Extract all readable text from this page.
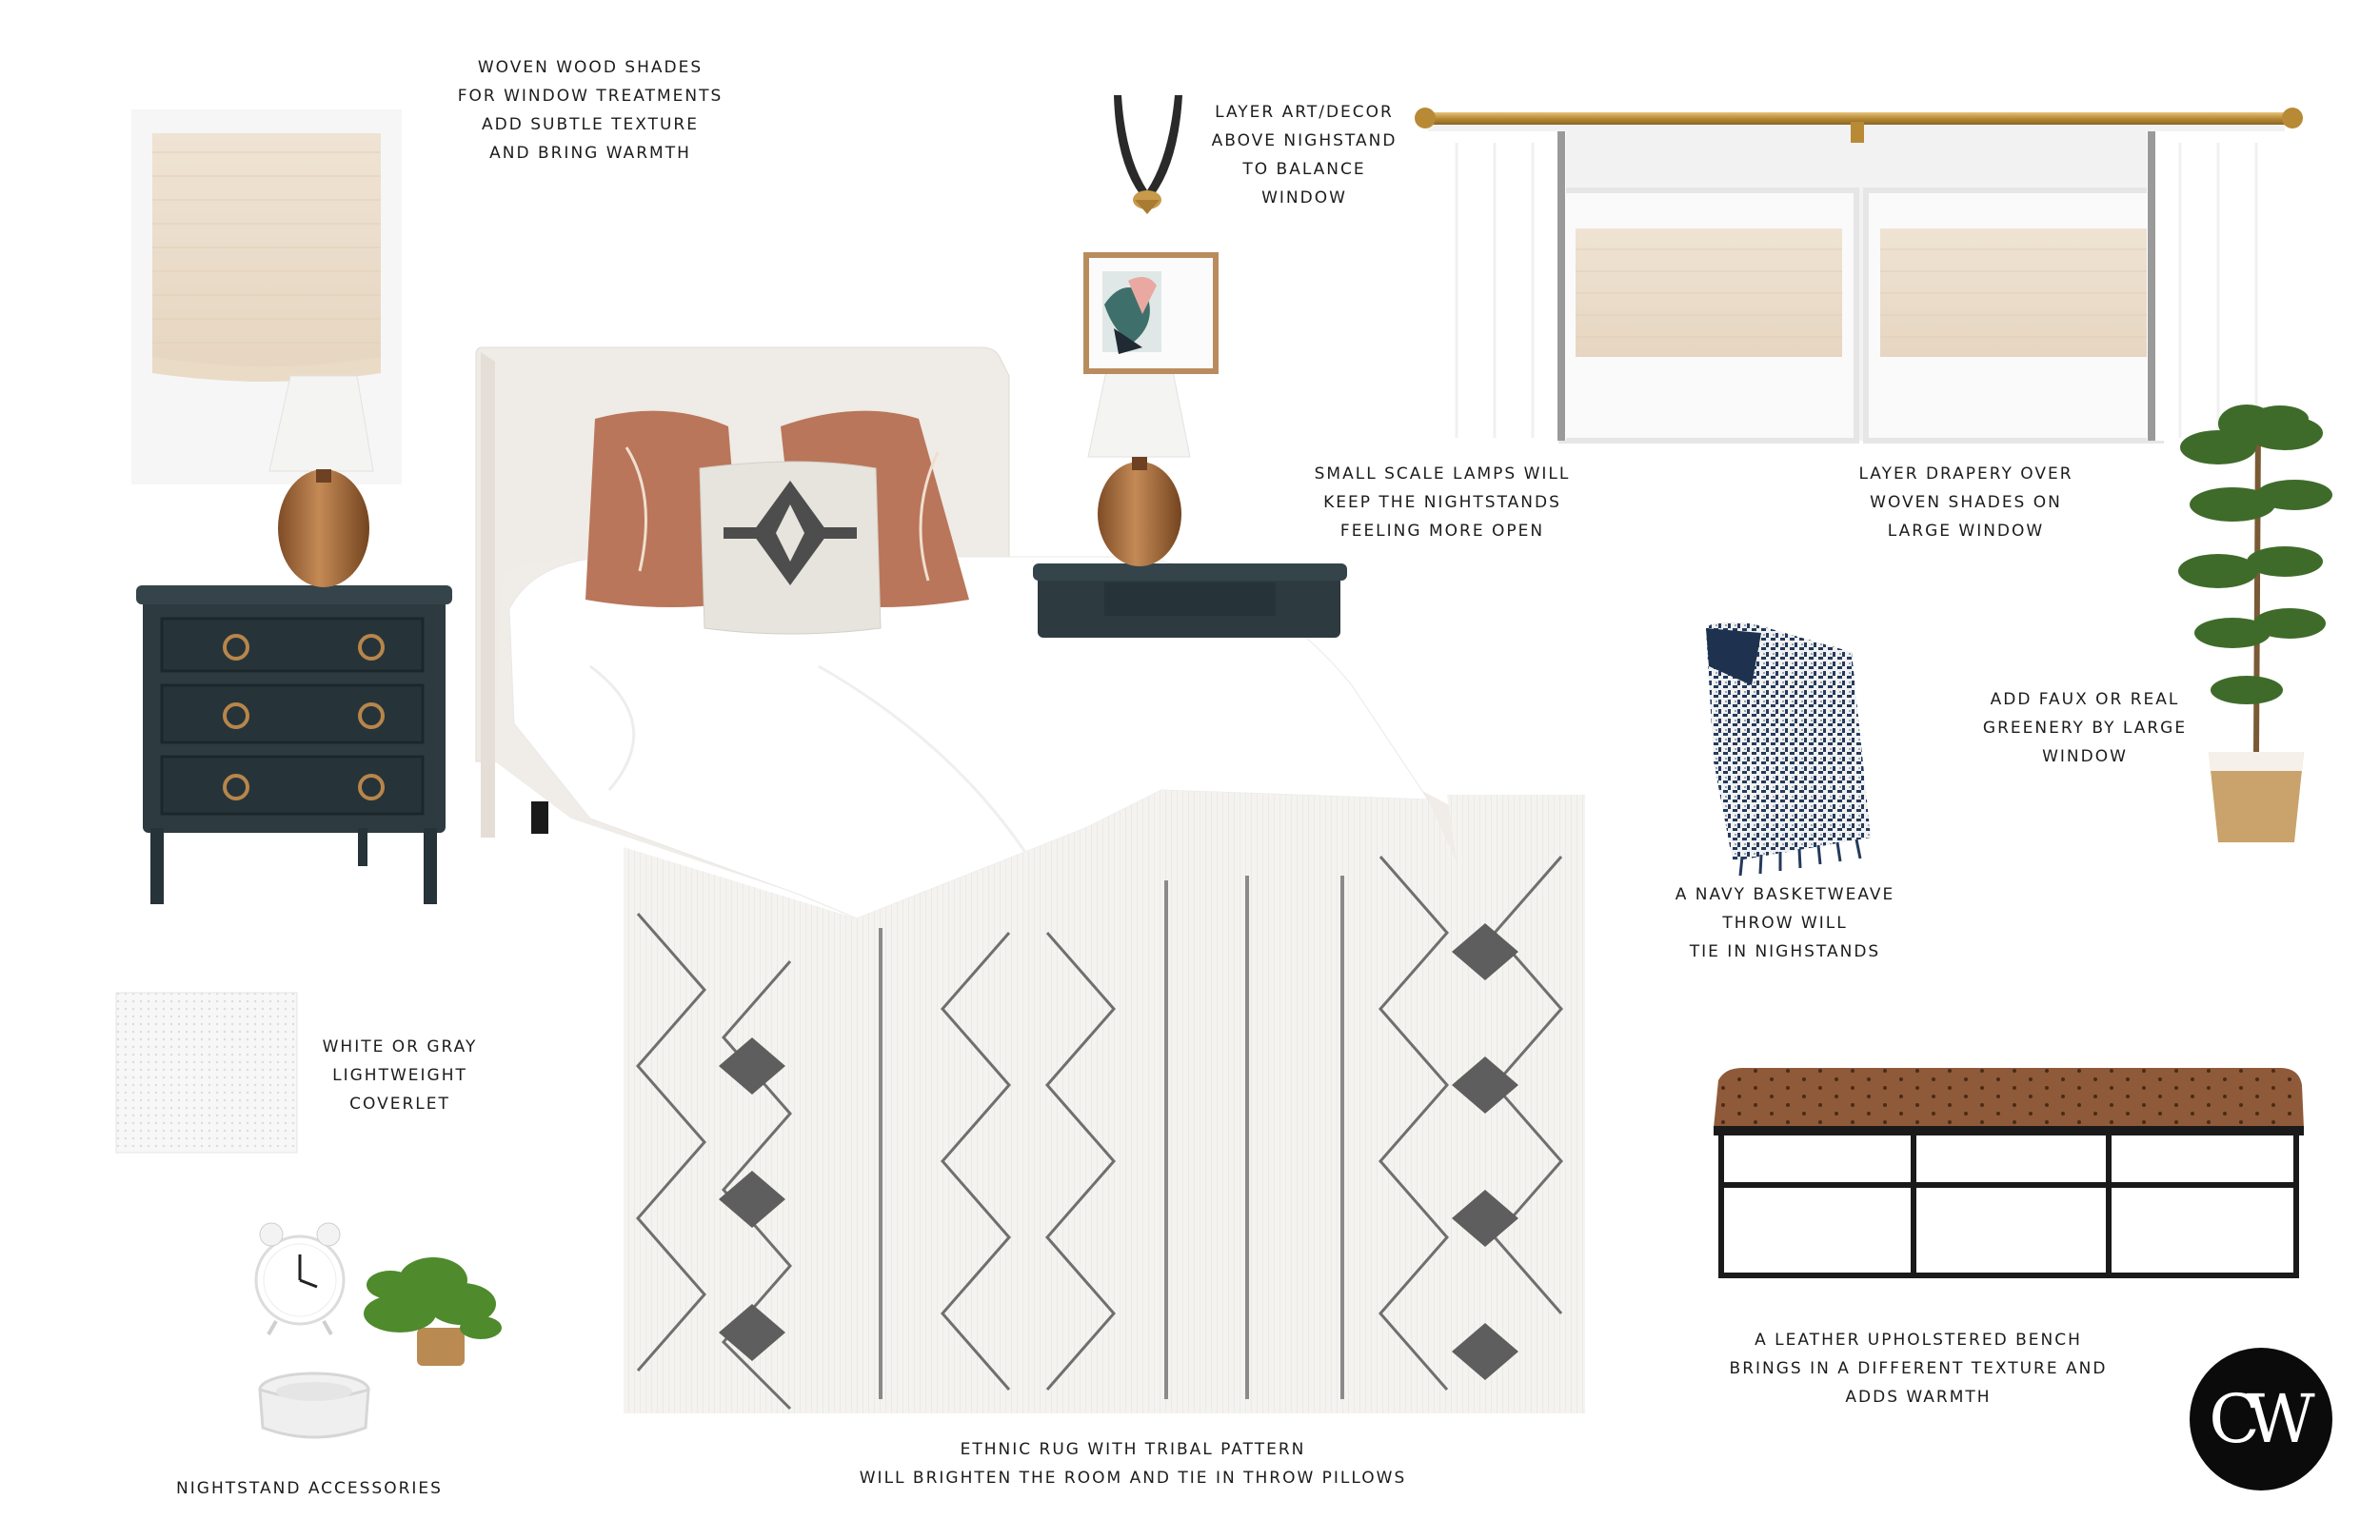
WOVEN WOOD SHADES
FOR WINDOW TREATMENTS
ADD SUBTLE TEXTURE
AND BRING WARMTH
LAYER ART/DECOR
ABOVE NIGHSTAND
TO BALANCE
WINDOW
SMALL SCALE LAMPS WILL
KEEP THE NIGHTSTANDS
FEELING MORE OPEN
LAYER DRAPERY OVER
WOVEN SHADES ON
LARGE WINDOW
ADD FAUX OR REAL
GREENERY BY LARGE
WINDOW
A NAVY BASKETWEAVE
THROW WILL
TIE IN NIGHSTANDS
WHITE OR GRAY
LIGHTWEIGHT
COVERLET
A LEATHER UPHOLSTERED BENCH
BRINGS IN A DIFFERENT TEXTURE AND
ADDS WARMTH
ETHNIC RUG WITH TRIBAL PATTERN
WILL BRIGHTEN THE ROOM AND TIE IN THROW PILLOWS
NIGHTSTAND ACCESSORIES
CW
